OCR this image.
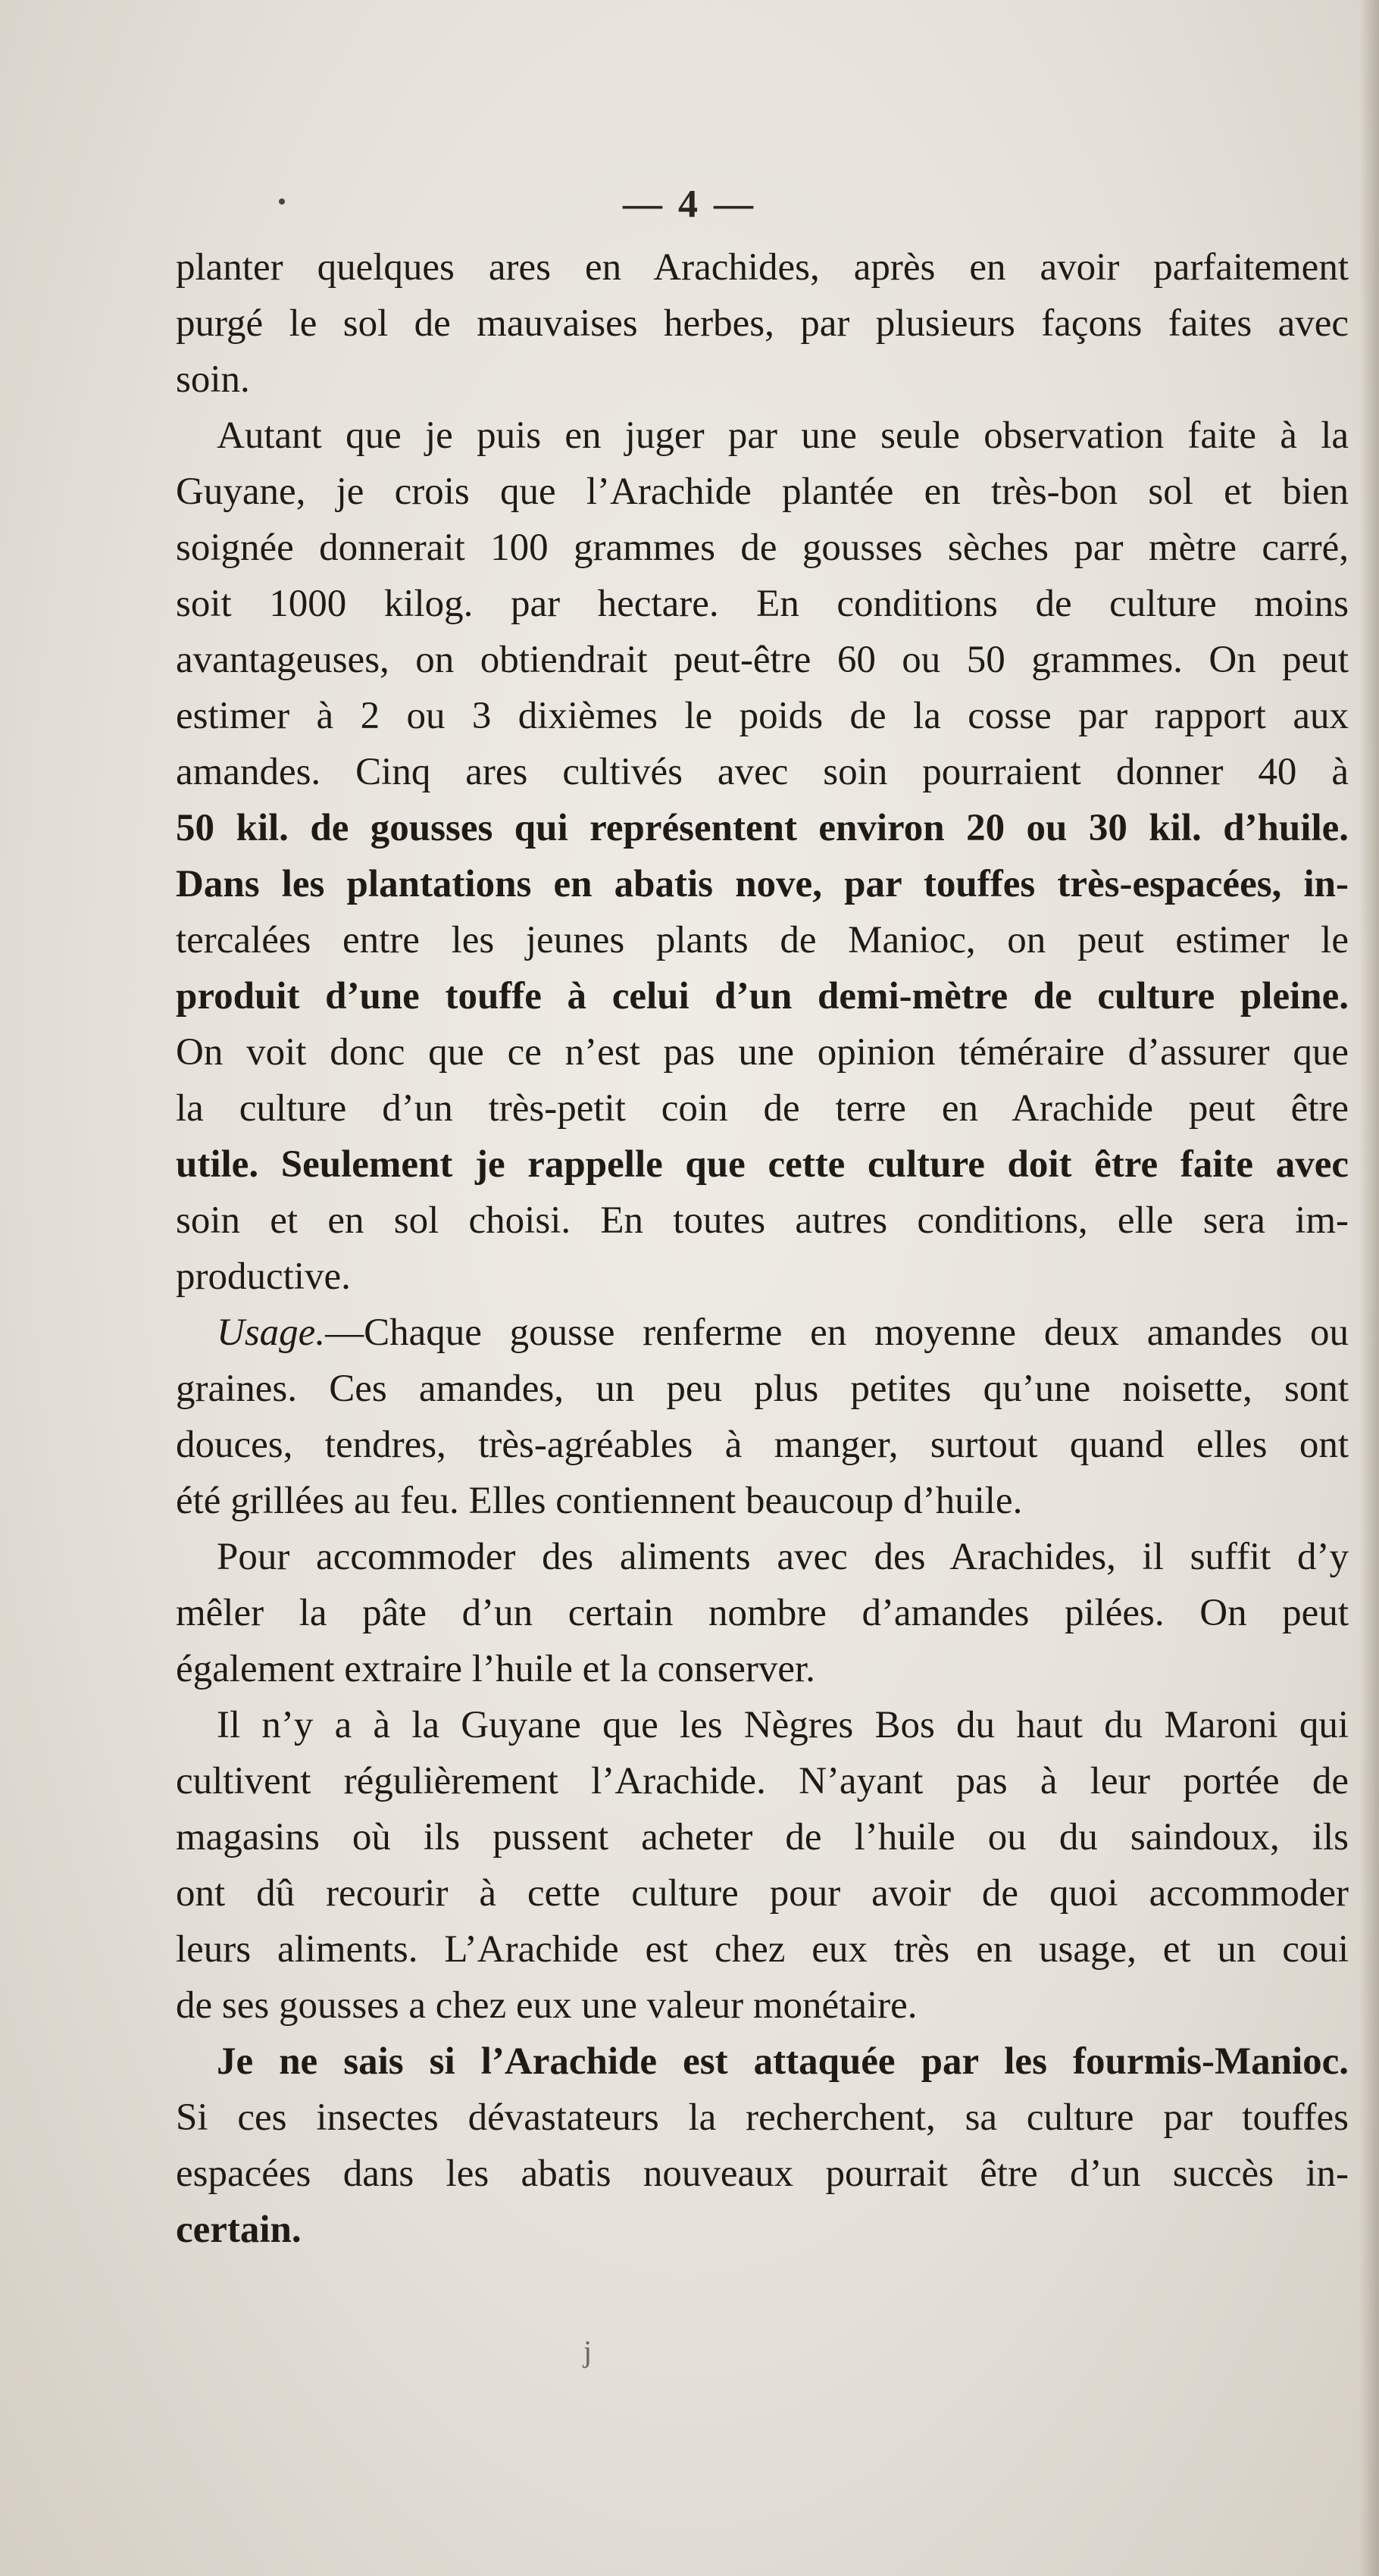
— 4 —
planter quelques ares en Arachides, après en avoir parfaitement
purgé le sol de mauvaises herbes, par plusieurs façons faites avec
soin.
Autant que je puis en juger par une seule observation faite à la
Guyane, je crois que l’Arachide plantée en très-bon sol et bien
soignée donnerait 100 grammes de gousses sèches par mètre carré,
soit 1000 kilog. par hectare. En conditions de culture moins
avantageuses, on obtiendrait peut-être 60 ou 50 grammes. On peut
estimer à 2 ou 3 dixièmes le poids de la cosse par rapport aux
amandes. Cinq ares cultivés avec soin pourraient donner 40 à
50 kil. de gousses qui représentent environ 20 ou 30 kil. d’huile.
Dans les plantations en abatis nove, par touffes très-espacées, in-
tercalées entre les jeunes plants de Manioc, on peut estimer le
produit d’une touffe à celui d’un demi-mètre de culture pleine.
On voit donc que ce n’est pas une opinion téméraire d’assurer que
la culture d’un très-petit coin de terre en Arachide peut être
utile. Seulement je rappelle que cette culture doit être faite avec
soin et en sol choisi. En toutes autres conditions, elle sera im-
productive.
Usage.—Chaque gousse renferme en moyenne deux amandes ou
graines. Ces amandes, un peu plus petites qu’une noisette, sont
douces, tendres, très-agréables à manger, surtout quand elles ont
été grillées au feu. Elles contiennent beaucoup d’huile.
Pour accommoder des aliments avec des Arachides, il suffit d’y
mêler la pâte d’un certain nombre d’amandes pilées. On peut
également extraire l’huile et la conserver.
Il n’y a à la Guyane que les Nègres Bos du haut du Maroni qui
cultivent régulièrement l’Arachide. N’ayant pas à leur portée de
magasins où ils pussent acheter de l’huile ou du saindoux, ils
ont dû recourir à cette culture pour avoir de quoi accommoder
leurs aliments. L’Arachide est chez eux très en usage, et un coui
de ses gousses a chez eux une valeur monétaire.
Je ne sais si l’Arachide est attaquée par les fourmis-Manioc.
Si ces insectes dévastateurs la recherchent, sa culture par touffes
espacées dans les abatis nouveaux pourrait être d’un succès in-
certain.
j
